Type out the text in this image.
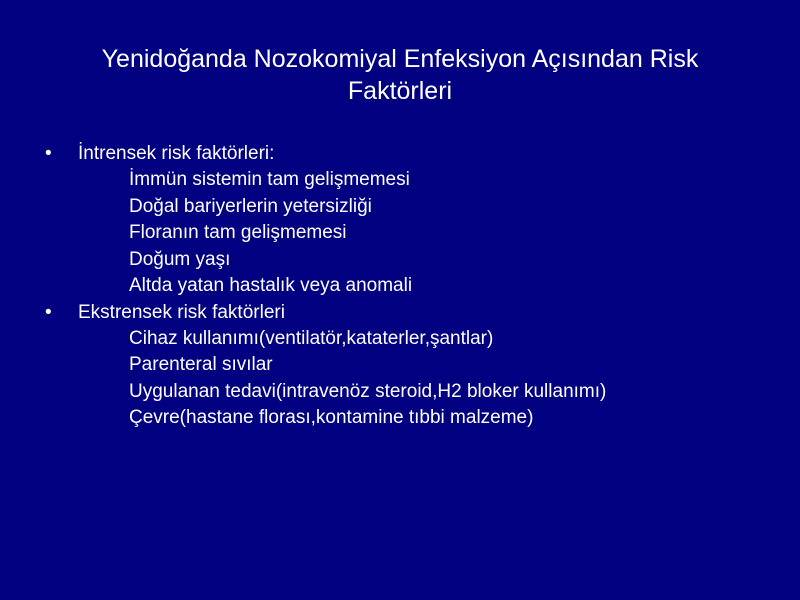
Yenidoğanda Nozokomiyal Enfeksiyon Açısından Risk
Faktörleri
• İntrensek risk faktörleri:
İmmün sistemin tam gelişmemesi
Doğal bariyerlerin yetersizliği
Floranın tam gelişmemesi
Doğum yaşı
Altda yatan hastalık veya anomali
• Ekstrensek risk faktörleri
Cihaz kullanımı(ventilatör,kataterler,şantlar)
Parenteral sıvılar
Uygulanan tedavi(intravenöz steroid,H2 bloker kullanımı)
Çevre(hastane florası,kontamine tıbbi malzeme)
